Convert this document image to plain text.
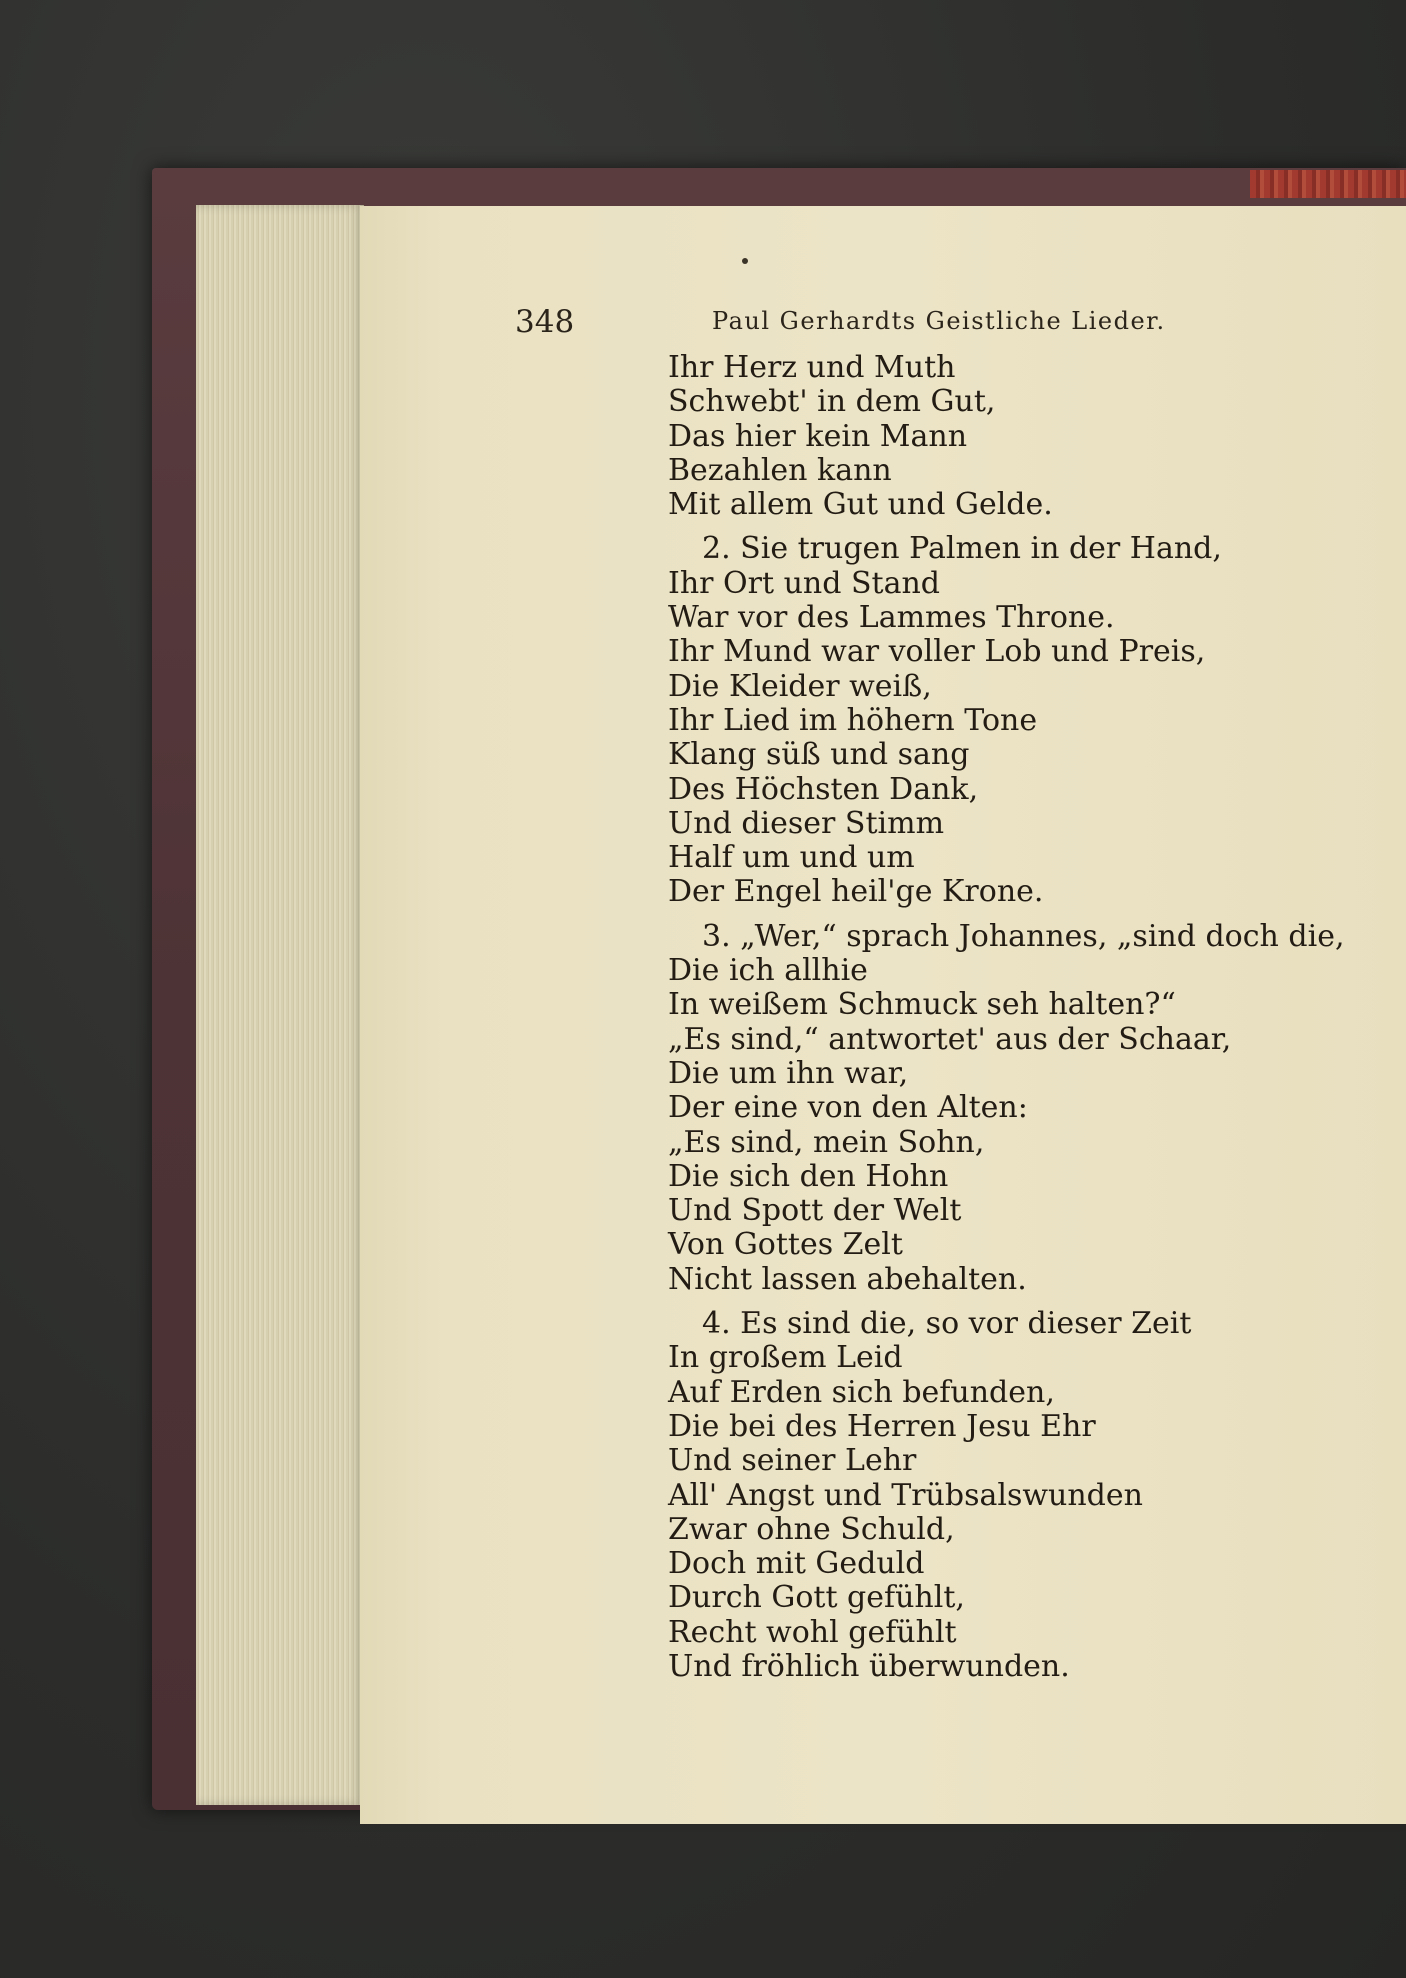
348	Paul Gerhardts Geistliche Lieder.
Ihr Herz und Muth
Schwebt' in dem Gut,
Das hier kein Mann
Bezahlen kann
Mit allem Gut und Gelde.
2. Sie trugen Palmen in der Hand,
Ihr Ort und Stand
War vor des Lammes Throne.
Ihr Mund war voller Lob und Preis,
Die Kleider weiß,
Ihr Lied im höhern Tone
Klang süß und sang
Des Höchsten Dank,
Und dieser Stimm
Half um und um
Der Engel heil'ge Krone.
3. „Wer,“ sprach Johannes, „sind doch die,
Die ich allhie
In weißem Schmuck seh halten?“
„Es sind,“ antwortet' aus der Schaar,
Die um ihn war,
Der eine von den Alten:
„Es sind, mein Sohn,
Die sich den Hohn
Und Spott der Welt
Von Gottes Zelt
Nicht lassen abehalten.
4. Es sind die, so vor dieser Zeit
In großem Leid
Auf Erden sich befunden,
Die bei des Herren Jesu Ehr
Und seiner Lehr
All' Angst und Trübsalswunden
Zwar ohne Schuld,
Doch mit Geduld
Durch Gott gefühlt,
Recht wohl gefühlt
Und fröhlich überwunden.
